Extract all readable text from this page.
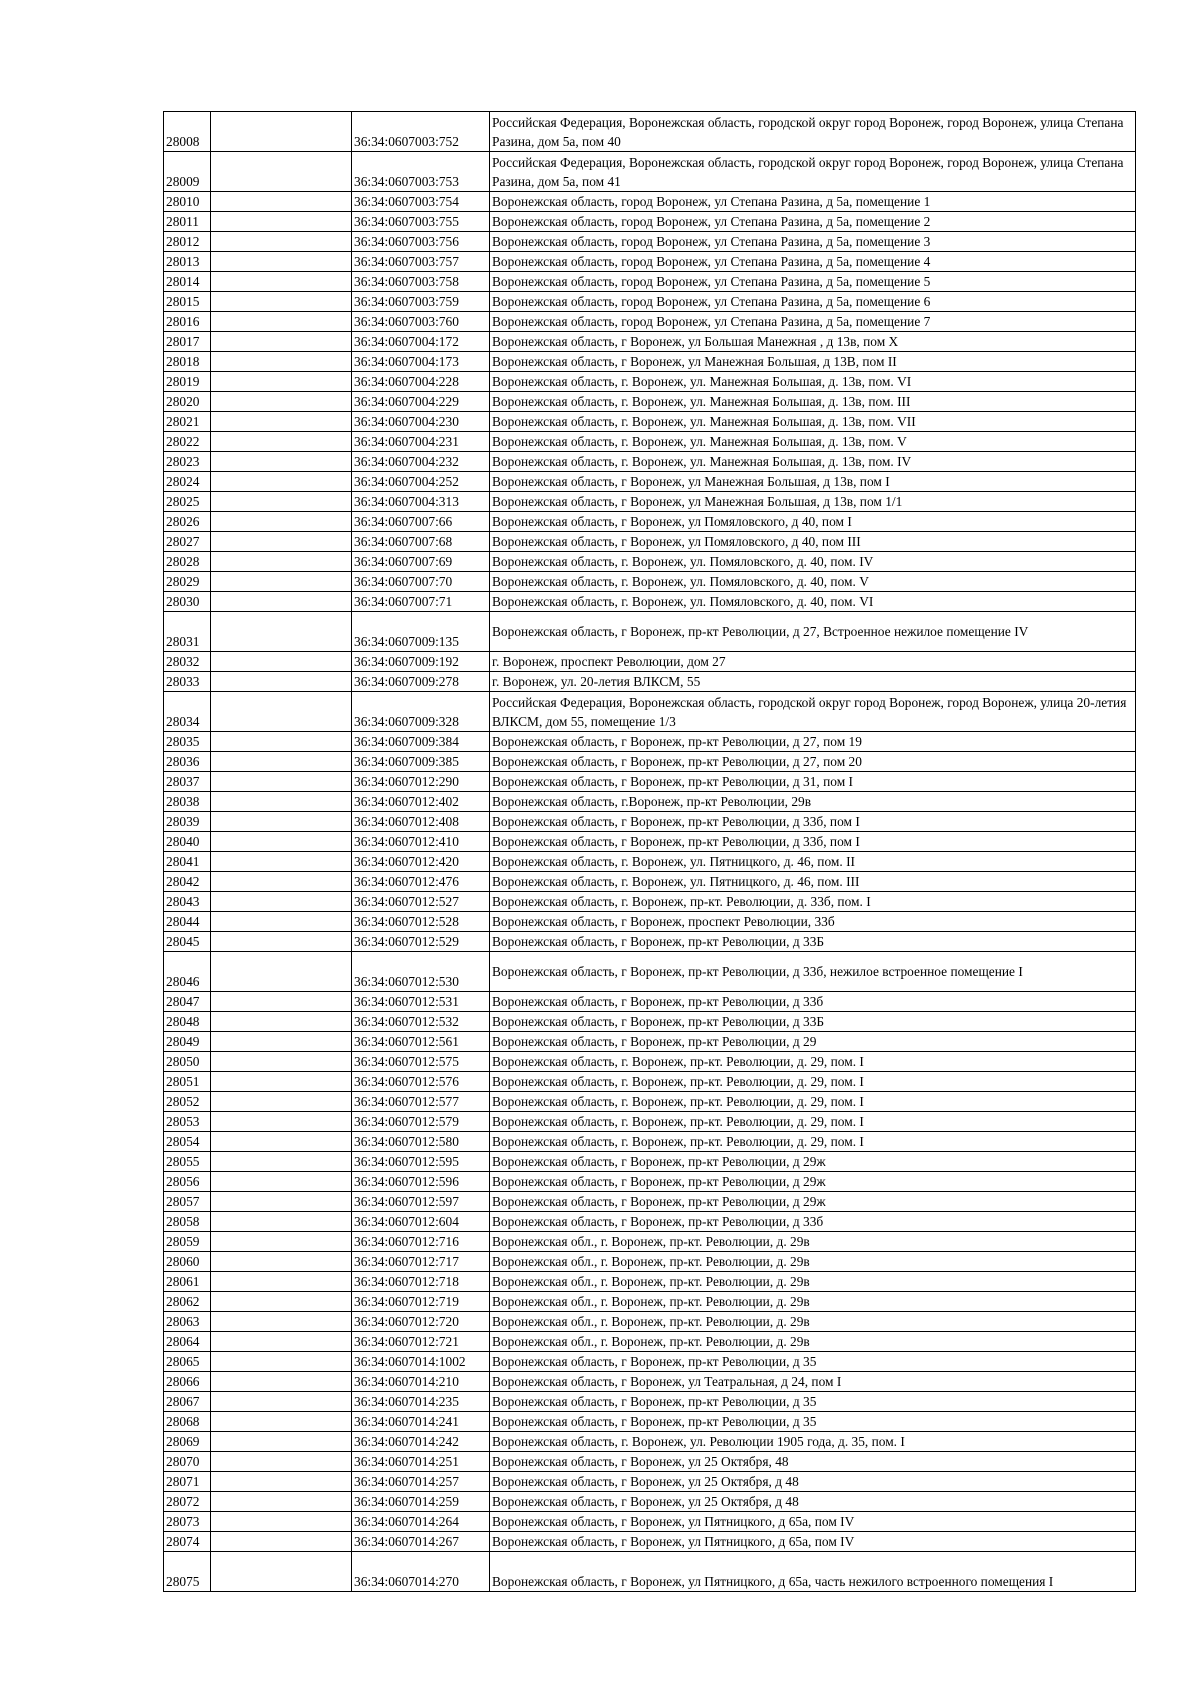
28008		36:34:0607003:752	Российская Федерация, Воронежская область, городской округ город Воронеж, город Воронеж, улица Степана Разина, дом 5а, пом 40
28009		36:34:0607003:753	Российская Федерация, Воронежская область, городской округ город Воронеж, город Воронеж, улица Степана Разина, дом 5а, пом 41
28010		36:34:0607003:754	Воронежская область, город Воронеж, ул Степана Разина, д 5а, помещение 1
28011		36:34:0607003:755	Воронежская область, город Воронеж, ул Степана Разина, д 5а, помещение 2
28012		36:34:0607003:756	Воронежская область, город Воронеж, ул Степана Разина, д 5а, помещение 3
28013		36:34:0607003:757	Воронежская область, город Воронеж, ул Степана Разина, д 5а, помещение 4
28014		36:34:0607003:758	Воронежская область, город Воронеж, ул Степана Разина, д 5а, помещение 5
28015		36:34:0607003:759	Воронежская область, город Воронеж, ул Степана Разина, д 5а, помещение 6
28016		36:34:0607003:760	Воронежская область, город Воронеж, ул Степана Разина, д 5а, помещение 7
28017		36:34:0607004:172	Воронежская область, г Воронеж, ул Большая Манежная , д 13в, пом X
28018		36:34:0607004:173	Воронежская область, г Воронеж, ул Манежная Большая, д 13В, пом II
28019		36:34:0607004:228	Воронежская область, г. Воронеж, ул. Манежная Большая, д. 13в, пом. VI
28020		36:34:0607004:229	Воронежская область, г. Воронеж, ул. Манежная Большая, д. 13в, пом. III
28021		36:34:0607004:230	Воронежская область, г. Воронеж, ул. Манежная Большая, д. 13в, пом. VII
28022		36:34:0607004:231	Воронежская область, г. Воронеж, ул. Манежная Большая, д. 13в, пом. V
28023		36:34:0607004:232	Воронежская область, г. Воронеж, ул. Манежная Большая, д. 13в, пом. IV
28024		36:34:0607004:252	Воронежская область, г Воронеж, ул Манежная Большая, д 13в, пом I
28025		36:34:0607004:313	Воронежская область, г Воронеж, ул Манежная Большая, д 13в, пом 1/1
28026		36:34:0607007:66	Воронежская область, г Воронеж, ул Помяловского, д 40, пом I
28027		36:34:0607007:68	Воронежская область, г Воронеж, ул Помяловского, д 40, пом III
28028		36:34:0607007:69	Воронежская область, г. Воронеж, ул. Помяловского, д. 40, пом. IV
28029		36:34:0607007:70	Воронежская область, г. Воронеж, ул. Помяловского, д. 40, пом. V
28030		36:34:0607007:71	Воронежская область, г. Воронеж, ул. Помяловского, д. 40, пом. VI
28031		36:34:0607009:135	Воронежская область, г Воронеж, пр-кт Революции, д 27, Встроенное нежилое помещение IV
28032		36:34:0607009:192	г. Воронеж, проспект Революции, дом 27
28033		36:34:0607009:278	г. Воронеж, ул. 20-летия ВЛКСМ, 55
28034		36:34:0607009:328	Российская Федерация, Воронежская область, городской округ город Воронеж, город Воронеж, улица 20-летия ВЛКСМ, дом 55, помещение 1/3
28035		36:34:0607009:384	Воронежская область, г Воронеж, пр-кт Революции, д 27, пом 19
28036		36:34:0607009:385	Воронежская область, г Воронеж, пр-кт Революции, д 27, пом 20
28037		36:34:0607012:290	Воронежская область, г Воронеж, пр-кт Революции, д 31, пом I
28038		36:34:0607012:402	Воронежская область, г.Воронеж, пр-кт Революции, 29в
28039		36:34:0607012:408	Воронежская область, г Воронеж, пр-кт Революции, д 33б, пом I
28040		36:34:0607012:410	Воронежская область, г Воронеж, пр-кт Революции, д 33б, пом I
28041		36:34:0607012:420	Воронежская область, г. Воронеж, ул. Пятницкого, д. 46, пом. II
28042		36:34:0607012:476	Воронежская область, г. Воронеж, ул. Пятницкого, д. 46, пом. III
28043		36:34:0607012:527	Воронежская область, г. Воронеж, пр-кт. Революции, д. 33б, пом. I
28044		36:34:0607012:528	Воронежская область, г Воронеж, проспект Революции, 33б
28045		36:34:0607012:529	Воронежская область, г Воронеж, пр-кт Революции, д 33Б
28046		36:34:0607012:530	Воронежская область, г Воронеж, пр-кт Революции, д 33б, нежилое встроенное помещение I
28047		36:34:0607012:531	Воронежская область, г Воронеж, пр-кт Революции, д 33б
28048		36:34:0607012:532	Воронежская область, г Воронеж, пр-кт Революции, д 33Б
28049		36:34:0607012:561	Воронежская область, г Воронеж, пр-кт Революции, д 29
28050		36:34:0607012:575	Воронежская область, г. Воронеж, пр-кт. Революции, д. 29, пом. I
28051		36:34:0607012:576	Воронежская область, г. Воронеж, пр-кт. Революции, д. 29, пом. I
28052		36:34:0607012:577	Воронежская область, г. Воронеж, пр-кт. Революции, д. 29, пом. I
28053		36:34:0607012:579	Воронежская область, г. Воронеж, пр-кт. Революции, д. 29, пом. I
28054		36:34:0607012:580	Воронежская область, г. Воронеж, пр-кт. Революции, д. 29, пом. I
28055		36:34:0607012:595	Воронежская область, г Воронеж, пр-кт Революции, д 29ж
28056		36:34:0607012:596	Воронежская область, г Воронеж, пр-кт Революции, д 29ж
28057		36:34:0607012:597	Воронежская область, г Воронеж, пр-кт Революции, д 29ж
28058		36:34:0607012:604	Воронежская область, г Воронеж, пр-кт Революции, д 33б
28059		36:34:0607012:716	Воронежская обл., г. Воронеж, пр-кт. Революции, д. 29в
28060		36:34:0607012:717	Воронежская обл., г. Воронеж, пр-кт. Революции, д. 29в
28061		36:34:0607012:718	Воронежская обл., г. Воронеж, пр-кт. Революции, д. 29в
28062		36:34:0607012:719	Воронежская обл., г. Воронеж, пр-кт. Революции, д. 29в
28063		36:34:0607012:720	Воронежская обл., г. Воронеж, пр-кт. Революции, д. 29в
28064		36:34:0607012:721	Воронежская обл., г. Воронеж, пр-кт. Революции, д. 29в
28065		36:34:0607014:1002	Воронежская область, г Воронеж, пр-кт Революции, д 35
28066		36:34:0607014:210	Воронежская область, г Воронеж, ул Театральная, д 24, пом I
28067		36:34:0607014:235	Воронежская область, г Воронеж, пр-кт Революции, д 35
28068		36:34:0607014:241	Воронежская область, г Воронеж, пр-кт Революции, д 35
28069		36:34:0607014:242	Воронежская область, г. Воронеж, ул. Революции 1905 года, д. 35, пом. I
28070		36:34:0607014:251	Воронежская область, г Воронеж, ул 25 Октября, 48
28071		36:34:0607014:257	Воронежская область, г Воронеж, ул 25 Октября, д 48
28072		36:34:0607014:259	Воронежская область, г Воронеж, ул 25 Октября, д 48
28073		36:34:0607014:264	Воронежская область, г Воронеж, ул Пятницкого, д 65а, пом IV
28074		36:34:0607014:267	Воронежская область, г Воронеж, ул Пятницкого, д 65а, пом IV
28075		36:34:0607014:270	Воронежская область, г Воронеж, ул Пятницкого, д 65а, часть нежилого встроенного помещения I
